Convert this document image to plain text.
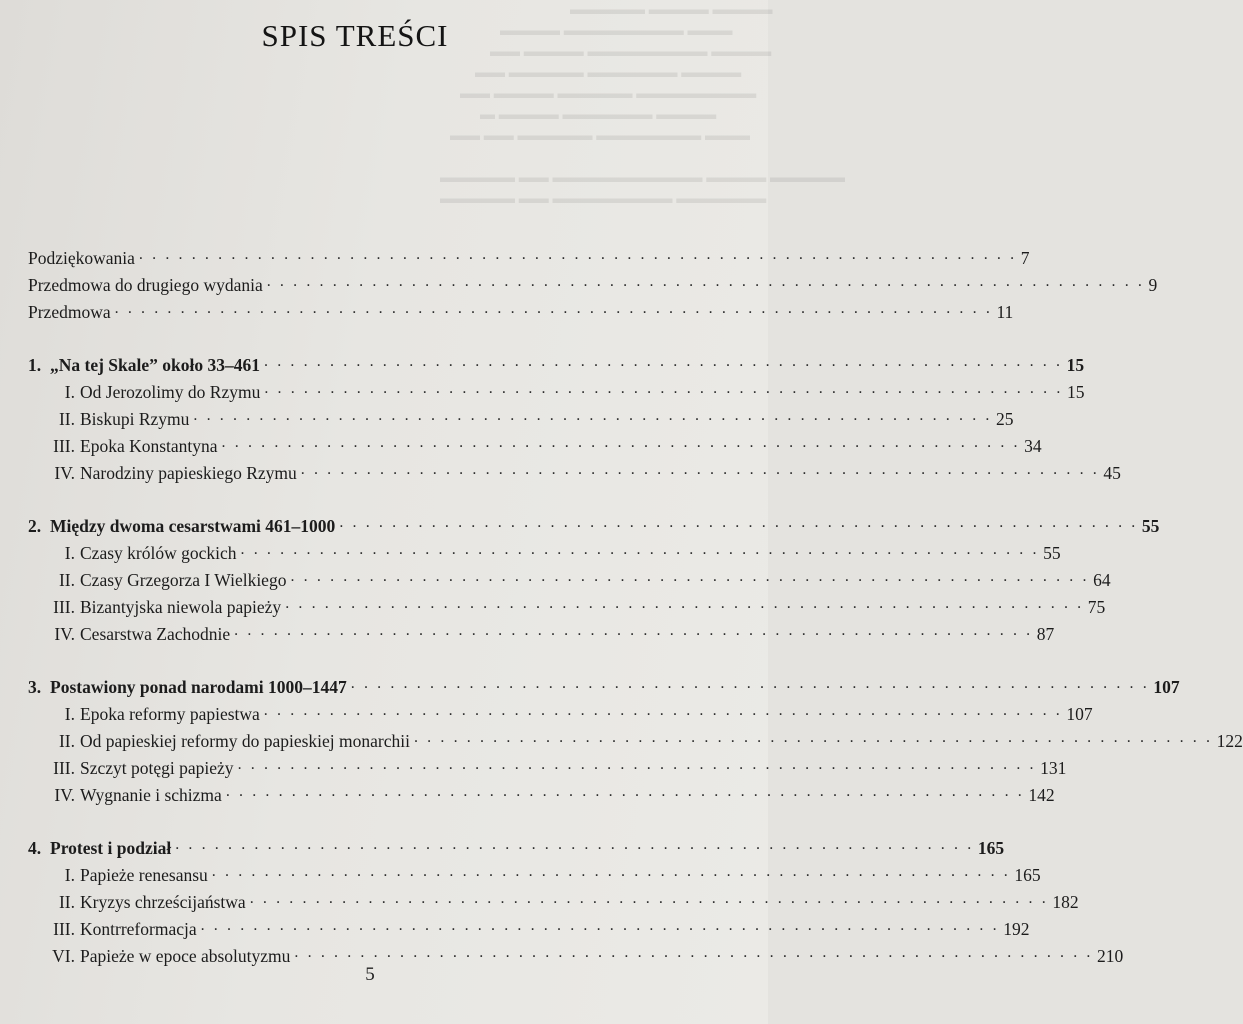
▬▬▬▬▬ ▬▬▬▬ ▬▬▬▬
▬▬▬▬ ▬▬▬▬▬▬▬▬ ▬▬▬
▬▬ ▬▬▬▬ ▬▬▬▬▬▬▬▬ ▬▬▬▬
▬▬ ▬▬▬▬▬ ▬▬▬▬▬▬ ▬▬▬▬
▬▬ ▬▬▬▬ ▬▬▬▬▬ ▬▬▬▬▬▬▬▬
▬ ▬▬▬▬ ▬▬▬▬▬▬ ▬▬▬▬
▬▬ ▬▬ ▬▬▬▬▬ ▬▬▬▬▬▬▬ ▬▬▬

▬▬▬▬▬ ▬▬ ▬▬▬▬▬▬▬▬▬▬ ▬▬▬▬ ▬▬▬▬▬
▬▬▬▬▬ ▬▬ ▬▬▬▬▬▬▬▬ ▬▬▬▬▬▬
SPIS TREŚCI
Podziękowania . . . . . . . . . . . . . . . . . . . . . . . . . . . . . . . . . . . . . . . . . . . . . . . . . . . . . . . . . . . . . . . . . . . 7
Przedmowa do drugiego wydania . . . . . . . . . . . . . . . . . . . . . . . . . . . . . . . . . . . . . . . . . . . . . . . . . . . . . . . . . . . . . . . . . . . 9
Przedmowa . . . . . . . . . . . . . . . . . . . . . . . . . . . . . . . . . . . . . . . . . . . . . . . . . . . . . . . . . . . . . . . . . . . 11
1. „Na tej Skale” około 33–461 . . . . . . . . . . . . . . . . . . . . . . . . . . . . . . . . . . . . . . . . . . . . . . . . . . . . . . . . . . . . . 15
I. Od Jerozolimy do Rzymu . . . . . . . . . . . . . . . . . . . . . . . . . . . . . . . . . . . . . . . . . . . . . . . . . . . . . . . . . . . . . 15
II. Biskupi Rzymu . . . . . . . . . . . . . . . . . . . . . . . . . . . . . . . . . . . . . . . . . . . . . . . . . . . . . . . . . . . . . 25
III. Epoka Konstantyna . . . . . . . . . . . . . . . . . . . . . . . . . . . . . . . . . . . . . . . . . . . . . . . . . . . . . . . . . . . . . 34
IV. Narodziny papieskiego Rzymu . . . . . . . . . . . . . . . . . . . . . . . . . . . . . . . . . . . . . . . . . . . . . . . . . . . . . . . . . . . . . 45
2. Między dwoma cesarstwami 461–1000 . . . . . . . . . . . . . . . . . . . . . . . . . . . . . . . . . . . . . . . . . . . . . . . . . . . . . . . . . . . . . 55
I. Czasy królów gockich . . . . . . . . . . . . . . . . . . . . . . . . . . . . . . . . . . . . . . . . . . . . . . . . . . . . . . . . . . . . . 55
II. Czasy Grzegorza I Wielkiego . . . . . . . . . . . . . . . . . . . . . . . . . . . . . . . . . . . . . . . . . . . . . . . . . . . . . . . . . . . . . 64
III. Bizantyjska niewola papieży . . . . . . . . . . . . . . . . . . . . . . . . . . . . . . . . . . . . . . . . . . . . . . . . . . . . . . . . . . . . . 75
IV. Cesarstwa Zachodnie . . . . . . . . . . . . . . . . . . . . . . . . . . . . . . . . . . . . . . . . . . . . . . . . . . . . . . . . . . . . . 87
3. Postawiony ponad narodami 1000–1447 . . . . . . . . . . . . . . . . . . . . . . . . . . . . . . . . . . . . . . . . . . . . . . . . . . . . . . . . . . . . . 107
I. Epoka reformy papiestwa . . . . . . . . . . . . . . . . . . . . . . . . . . . . . . . . . . . . . . . . . . . . . . . . . . . . . . . . . . . . . 107
II. Od papieskiej reformy do papieskiej monarchii . . . . . . . . . . . . . . . . . . . . . . . . . . . . . . . . . . . . . . . . . . . . . . . . . . . . . . . . . . . . . 122
III. Szczyt potęgi papieży . . . . . . . . . . . . . . . . . . . . . . . . . . . . . . . . . . . . . . . . . . . . . . . . . . . . . . . . . . . . . 131
IV. Wygnanie i schizma . . . . . . . . . . . . . . . . . . . . . . . . . . . . . . . . . . . . . . . . . . . . . . . . . . . . . . . . . . . . . 142
4. Protest i podział . . . . . . . . . . . . . . . . . . . . . . . . . . . . . . . . . . . . . . . . . . . . . . . . . . . . . . . . . . . . . 165
I. Papieże renesansu . . . . . . . . . . . . . . . . . . . . . . . . . . . . . . . . . . . . . . . . . . . . . . . . . . . . . . . . . . . . . 165
II. Kryzys chrześcijaństwa . . . . . . . . . . . . . . . . . . . . . . . . . . . . . . . . . . . . . . . . . . . . . . . . . . . . . . . . . . . . . 182
III. Kontrreformacja . . . . . . . . . . . . . . . . . . . . . . . . . . . . . . . . . . . . . . . . . . . . . . . . . . . . . . . . . . . . . 192
VI. Papieże w epoce absolutyzmu . . . . . . . . . . . . . . . . . . . . . . . . . . . . . . . . . . . . . . . . . . . . . . . . . . . . . . . . . . . . . 210
5
